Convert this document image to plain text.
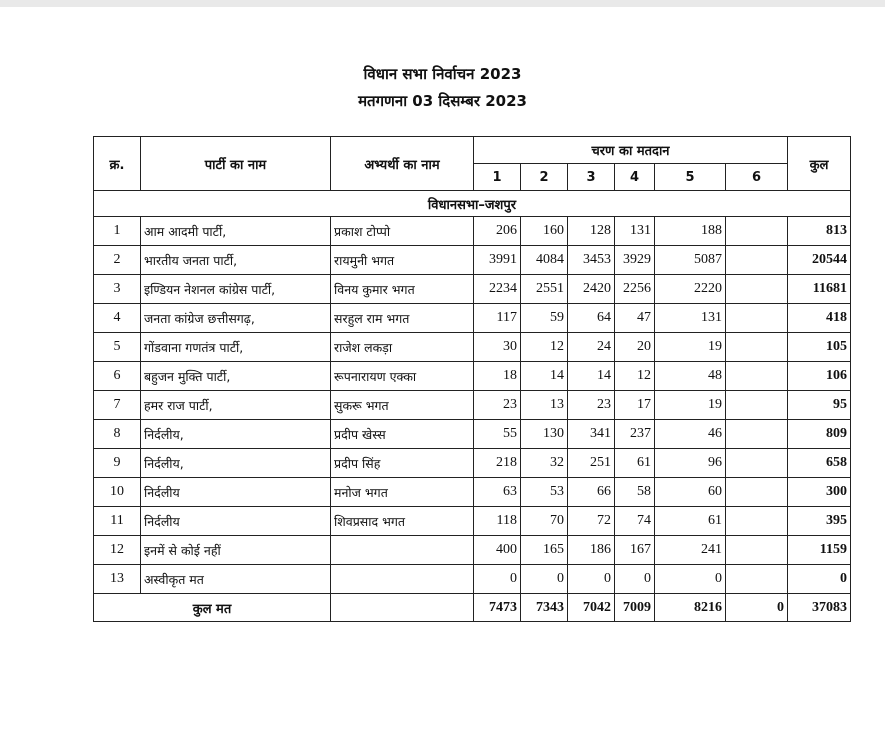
विधान सभा निर्वाचन 2023
मतगणना 03 दिसम्बर 2023
क्र.	पार्टी का नाम	अभ्यर्थी का नाम	चरण का मतदान						कुल
			1	2	3	4	5	6	
विधानसभा–जशपुर									
1	आम आदमी पार्टी,	प्रकाश टोप्पो	206	160	128	131	188		813
2	भारतीय जनता पार्टी,	रायमुनी भगत	3991	4084	3453	3929	5087		20544
3	इण्डियन नेशनल कांग्रेस पार्टी,	विनय कुमार भगत	2234	2551	2420	2256	2220		11681
4	जनता कांग्रेज छत्तीसगढ़,	सरहुल राम भगत	117	59	64	47	131		418
5	गोंडवाना गणतंत्र पार्टी,	राजेश लकड़ा	30	12	24	20	19		105
6	बहुजन मुक्ति पार्टी,	रूपनारायण एक्का	18	14	14	12	48		106
7	हमर राज पार्टी,	सुकरू भगत	23	13	23	17	19		95
8	निर्दलीय,	प्रदीप खेस्स	55	130	341	237	46		809
9	निर्दलीय,	प्रदीप सिंह	218	32	251	61	96		658
10	निर्दलीय	मनोज भगत	63	53	66	58	60		300
11	निर्दलीय	शिवप्रसाद भगत	118	70	72	74	61		395
12	इनमें से कोई नहीं		400	165	186	167	241		1159
13	अस्वीकृत मत		0	0	0	0	0		0
कुल मत			7473	7343	7042	7009	8216	0	37083
